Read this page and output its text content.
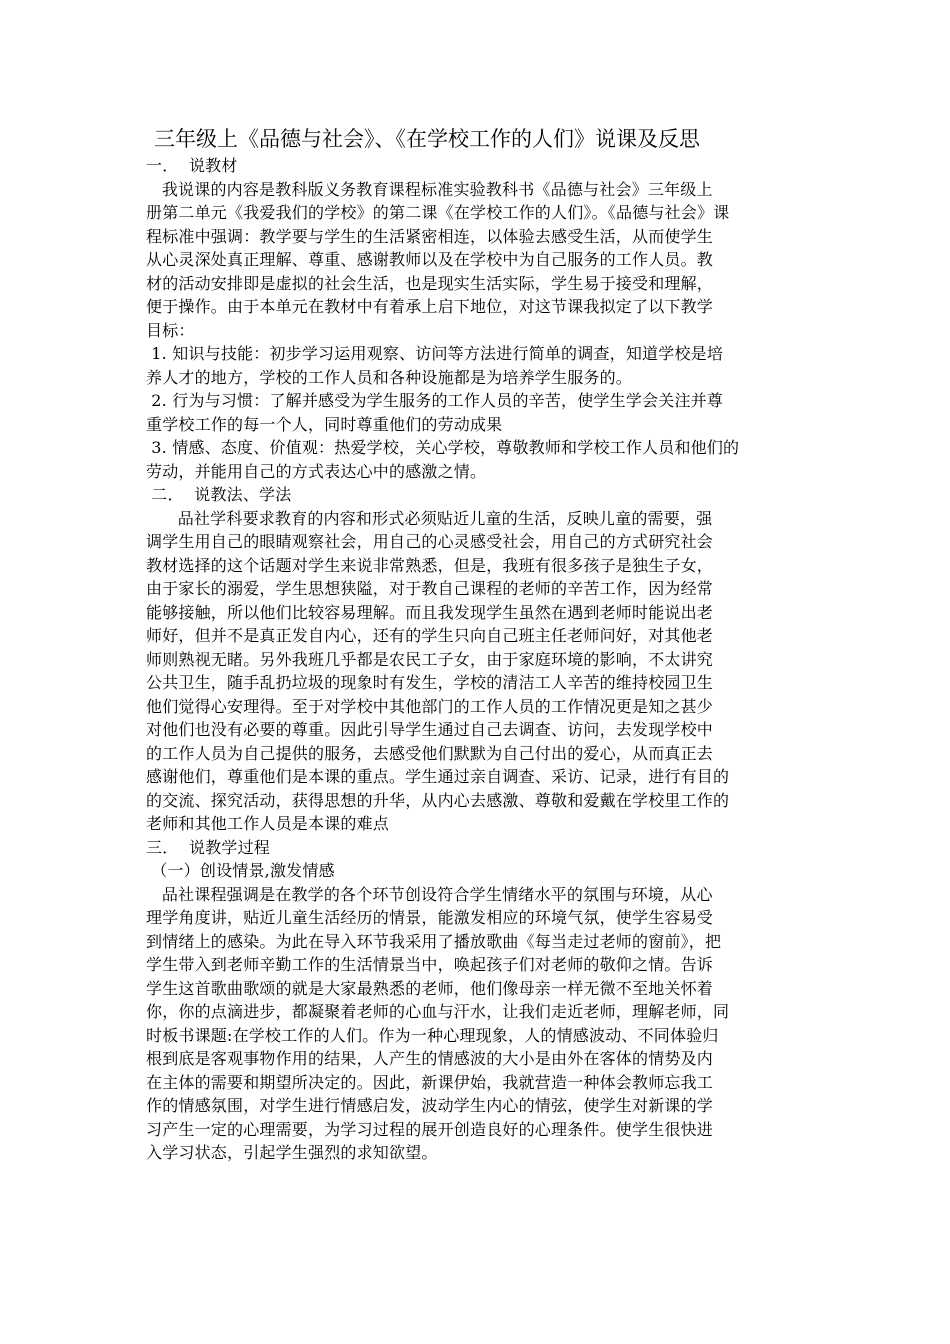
三年级上《品德与社会》、《在学校工作的人们》说课及反思
一．  说教材
我说课的内容是教科版义务教育课程标准实验教科书《品德与社会》三年级上
册第二单元《我爱我们的学校》的第二课《在学校工作的人们》。《品德与社会》课
程标准中强调：教学要与学生的生活紧密相连，以体验去感受生活，从而使学生
从心灵深处真正理解、尊重、感谢教师以及在学校中为自己服务的工作人员。教
材的活动安排即是虚拟的社会生活，也是现实生活实际，学生易于接受和理解，
便于操作。由于本单元在教材中有着承上启下地位，对这节课我拟定了以下教学
目标：
1. 知识与技能：初步学习运用观察、访问等方法进行简单的调查，知道学校是培
养人才的地方，学校的工作人员和各种设施都是为培养学生服务的。
2. 行为与习惯：了解并感受为学生服务的工作人员的辛苦，使学生学会关注并尊
重学校工作的每一个人，同时尊重他们的劳动成果
3. 情感、态度、价值观：热爱学校，关心学校，尊敬教师和学校工作人员和他们的
劳动，并能用自己的方式表达心中的感激之情。
二．  说教法、学法
品社学科要求教育的内容和形式必须贴近儿童的生活，反映儿童的需要，强
调学生用自己的眼睛观察社会，用自己的心灵感受社会，用自己的方式研究社会
教材选择的这个话题对学生来说非常熟悉，但是，我班有很多孩子是独生子女，
由于家长的溺爱，学生思想狭隘，对于教自己课程的老师的辛苦工作，因为经常
能够接触，所以他们比较容易理解。而且我发现学生虽然在遇到老师时能说出老
师好，但并不是真正发自内心，还有的学生只向自己班主任老师问好，对其他老
师则熟视无睹。另外我班几乎都是农民工子女，由于家庭环境的影响，不太讲究
公共卫生，随手乱扔垃圾的现象时有发生，学校的清洁工人辛苦的维持校园卫生
他们觉得心安理得。至于对学校中其他部门的工作人员的工作情况更是知之甚少
对他们也没有必要的尊重。因此引导学生通过自己去调查、访问，去发现学校中
的工作人员为自己提供的服务，去感受他们默默为自己付出的爱心，从而真正去
感谢他们，尊重他们是本课的重点。学生通过亲自调查、采访、记录，进行有目的
的交流、探究活动，获得思想的升华，从内心去感激、尊敬和爱戴在学校里工作的
老师和其他工作人员是本课的难点
三．  说教学过程
（一）创设情景,激发情感
品社课程强调是在教学的各个环节创设符合学生情绪水平的氛围与环境，从心
理学角度讲，贴近儿童生活经历的情景，能激发相应的环境气氛，使学生容易受
到情绪上的感染。为此在导入环节我采用了播放歌曲《每当走过老师的窗前》，把
学生带入到老师辛勤工作的生活情景当中，唤起孩子们对老师的敬仰之情。告诉
学生这首歌曲歌颂的就是大家最熟悉的老师，他们像母亲一样无微不至地关怀着
你，你的点滴进步，都凝聚着老师的心血与汗水，让我们走近老师，理解老师，同
时板书课题:在学校工作的人们。作为一种心理现象，人的情感波动、不同体验归
根到底是客观事物作用的结果，人产生的情感波的大小是由外在客体的情势及内
在主体的需要和期望所决定的。因此，新课伊始，我就营造一种体会教师忘我工
作的情感氛围，对学生进行情感启发，波动学生内心的情弦，使学生对新课的学
习产生一定的心理需要，为学习过程的展开创造良好的心理条件。使学生很快进
入学习状态，引起学生强烈的求知欲望。
